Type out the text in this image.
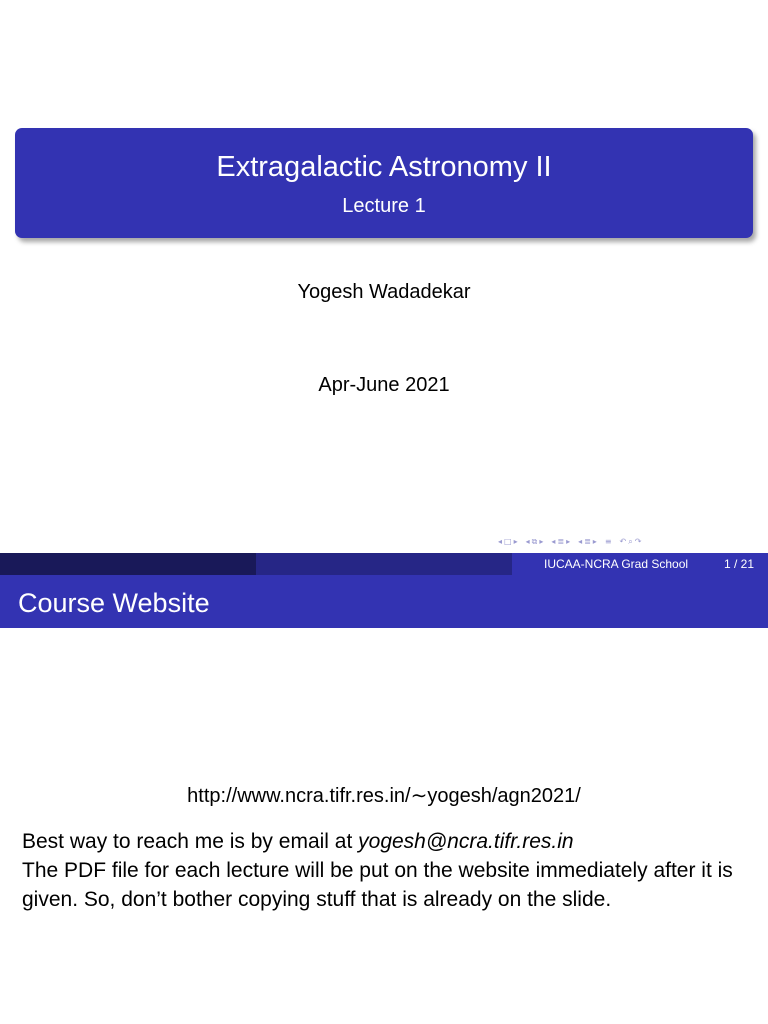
Extragalactic Astronomy II
Lecture 1
Yogesh Wadadekar
Apr-June 2021
◂ □ ▸ ◂ ⧉ ▸ ◂ ≣ ▸ ◂ ≣ ▸ ≡ ↶ ⌕ ↷
IUCAA-NCRA Grad School	1 / 21
Course Website
http://www.ncra.tifr.res.in/∼yogesh/agn2021/
Best way to reach me is by email at yogesh@ncra.tifr.res.in
The PDF file for each lecture will be put on the website immediately after it is given. So, don’t bother copying stuff that is already on the slide.
